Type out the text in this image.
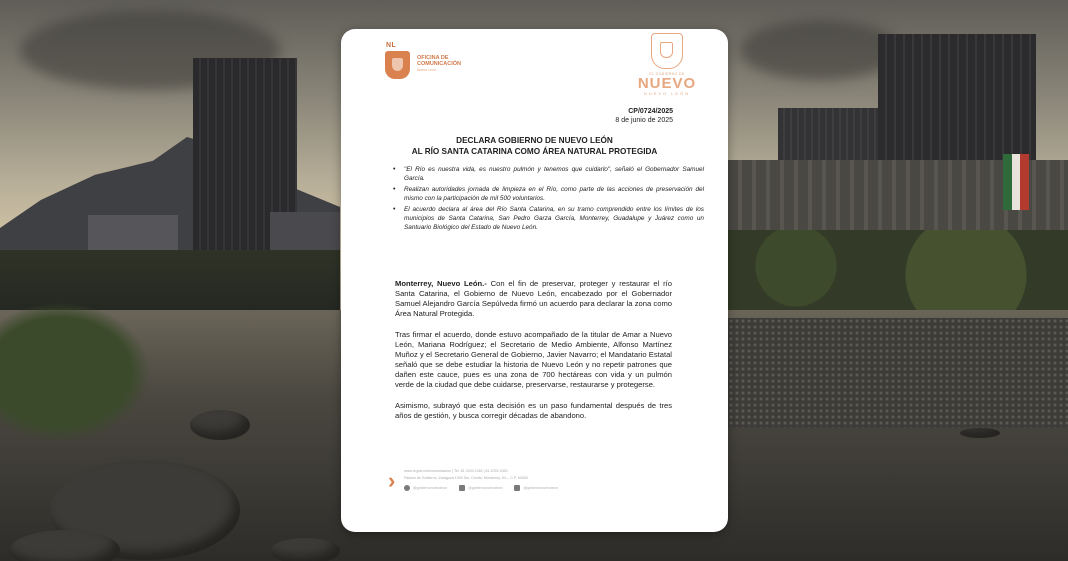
NL
OFICINA DE COMUNICACIÓN
Nuevo León
EL GOBIERNO DE
NUEVO
NUEVO LEÓN
CP/0724/2025
8 de junio de 2025
DECLARA GOBIERNO DE NUEVO LEÓN
AL RÍO SANTA CATARINA COMO ÁREA NATURAL PROTEGIDA
• "El Río es nuestra vida, es nuestro pulmón y tenemos que cuidarlo", señaló el Gobernador Samuel García.
• Realizan autoridades jornada de limpieza en el Río, como parte de las acciones de preservación del mismo con la participación de mil 500 voluntarios.
• El acuerdo declara al área del Río Santa Catarina, en su tramo comprendido entre los límites de los municipios de Santa Catarina, San Pedro Garza García, Monterrey, Guadalupe y Juárez como un Santuario Biológico del Estado de Nuevo León.

Monterrey, Nuevo León.- Con el fin de preservar, proteger y restaurar el río Santa Catarina, el Gobierno de Nuevo León, encabezado por el Gobernador Samuel Alejandro García Sepúlveda firmó un acuerdo para declarar la zona como Área Natural Protegida.

Tras firmar el acuerdo, donde estuvo acompañado de la titular de Amar a Nuevo León, Mariana Rodríguez; el Secretario de Medio Ambiente, Alfonso Martínez Muñoz y el Secretario General de Gobierno, Javier Navarro; el Mandatario Estatal señaló que se debe estudiar la historia de Nuevo León y no repetir patrones que dañen este cauce, pues es una zona de 700 hectáreas con vida y un pulmón verde de la ciudad que debe cuidarse, preservarse, restaurarse y protegerse.

Asimismo, subrayó que esta decisión es un paso fundamental después de tres años de gestión, y busca corregir décadas de abandono.

› www.nl.gob.mx/comunicacion | Tel. 81 2033 1062 | 81 2033 1063
Palacio de Gobierno, Zaragoza 1000 Sur, Centro, Monterrey, N.L., C.P. 64000
@gobiernonuevoleon	@gobiernonuevoleon	@gobiernonuevoleon
